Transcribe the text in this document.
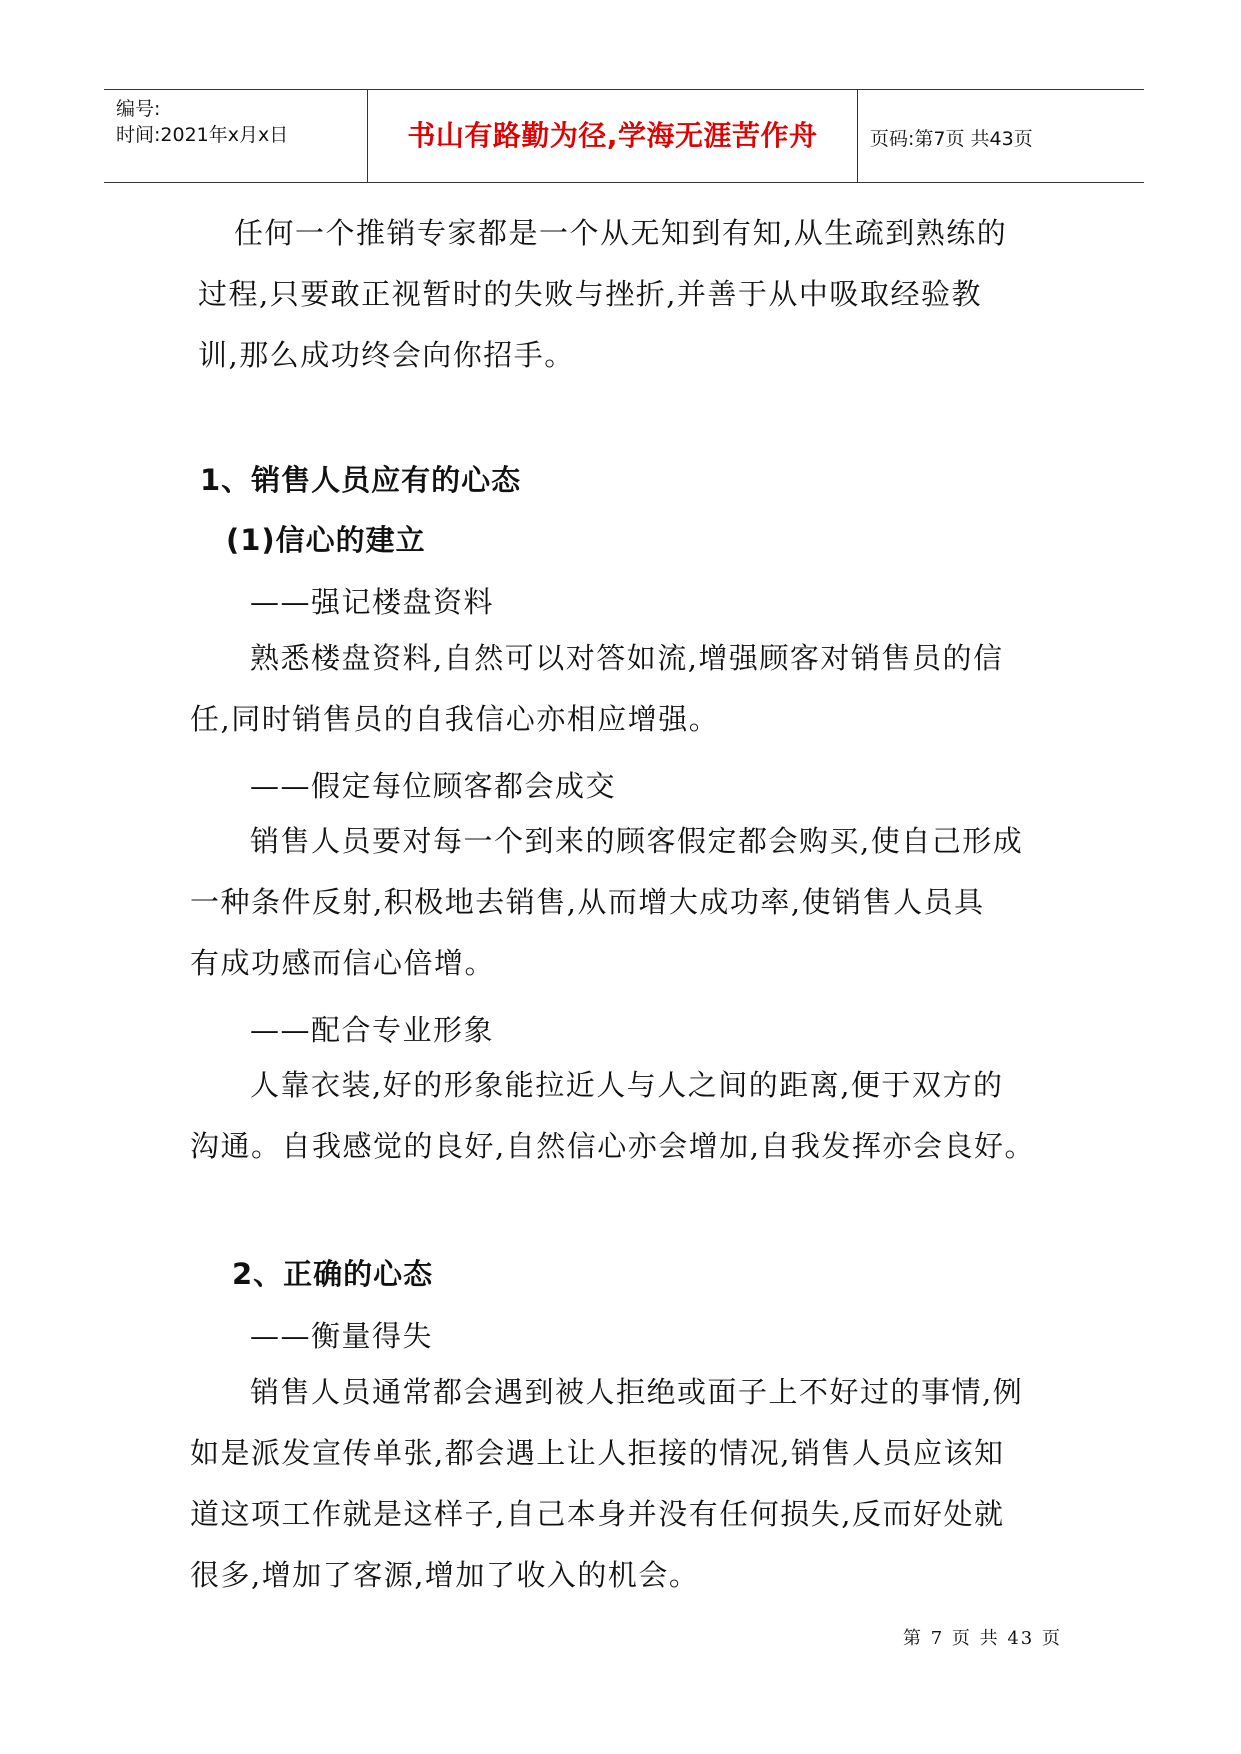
编号:
时间:2021年x月x日	书山有路勤为径,学海无涯苦作舟	页码:第7页 共43页

任何一个推销专家都是一个从无知到有知,从生疏到熟练的

过程,只要敢正视暂时的失败与挫折,并善于从中吸取经验教

训,那么成功终会向你招手。

1、销售人员应有的心态
(1)信心的建立

——强记楼盘资料

熟悉楼盘资料,自然可以对答如流,增强顾客对销售员的信

任,同时销售员的自我信心亦相应增强。

——假定每位顾客都会成交

销售人员要对每一个到来的顾客假定都会购买,使自己形成

一种条件反射,积极地去销售,从而增大成功率,使销售人员具

有成功感而信心倍增。

——配合专业形象

人靠衣装,好的形象能拉近人与人之间的距离,便于双方的

沟通。自我感觉的良好,自然信心亦会增加,自我发挥亦会良好。

2、正确的心态

——衡量得失

销售人员通常都会遇到被人拒绝或面子上不好过的事情,例

如是派发宣传单张,都会遇上让人拒接的情况,销售人员应该知

道这项工作就是这样子,自己本身并没有任何损失,反而好处就

很多,增加了客源,增加了收入的机会。

第 7 页 共 43 页
